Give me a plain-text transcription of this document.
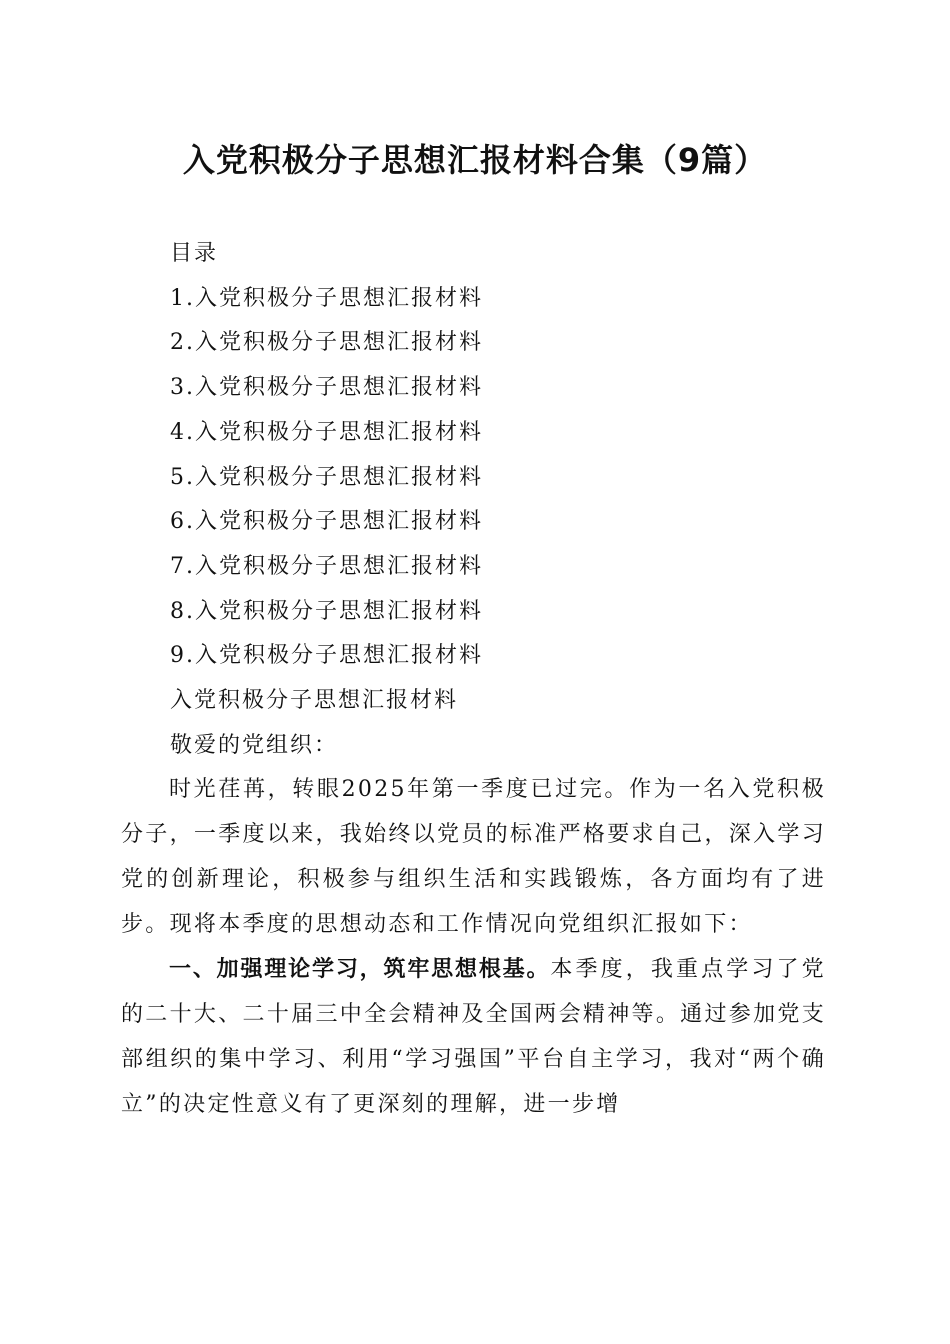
入党积极分子思想汇报材料合集（9篇）
目录
1.入党积极分子思想汇报材料
2.入党积极分子思想汇报材料
3.入党积极分子思想汇报材料
4.入党积极分子思想汇报材料
5.入党积极分子思想汇报材料
6.入党积极分子思想汇报材料
7.入党积极分子思想汇报材料
8.入党积极分子思想汇报材料
9.入党积极分子思想汇报材料
入党积极分子思想汇报材料
敬爱的党组织：

时光荏苒，转眼2025年第一季度已过完。作为一名入党积极分子，一季度以来，我始终以党员的标准严格要求自己，深入学习党的创新理论，积极参与组织生活和实践锻炼，各方面均有了进步。现将本季度的思想动态和工作情况向党组织汇报如下：

一、加强理论学习，筑牢思想根基。本季度，我重点学习了党的二十大、二十届三中全会精神及全国两会精神等。通过参加党支部组织的集中学习、利用“学习强国”平台自主学习，我对“两个确立”的决定性意义有了更深刻的理解，进一步增
